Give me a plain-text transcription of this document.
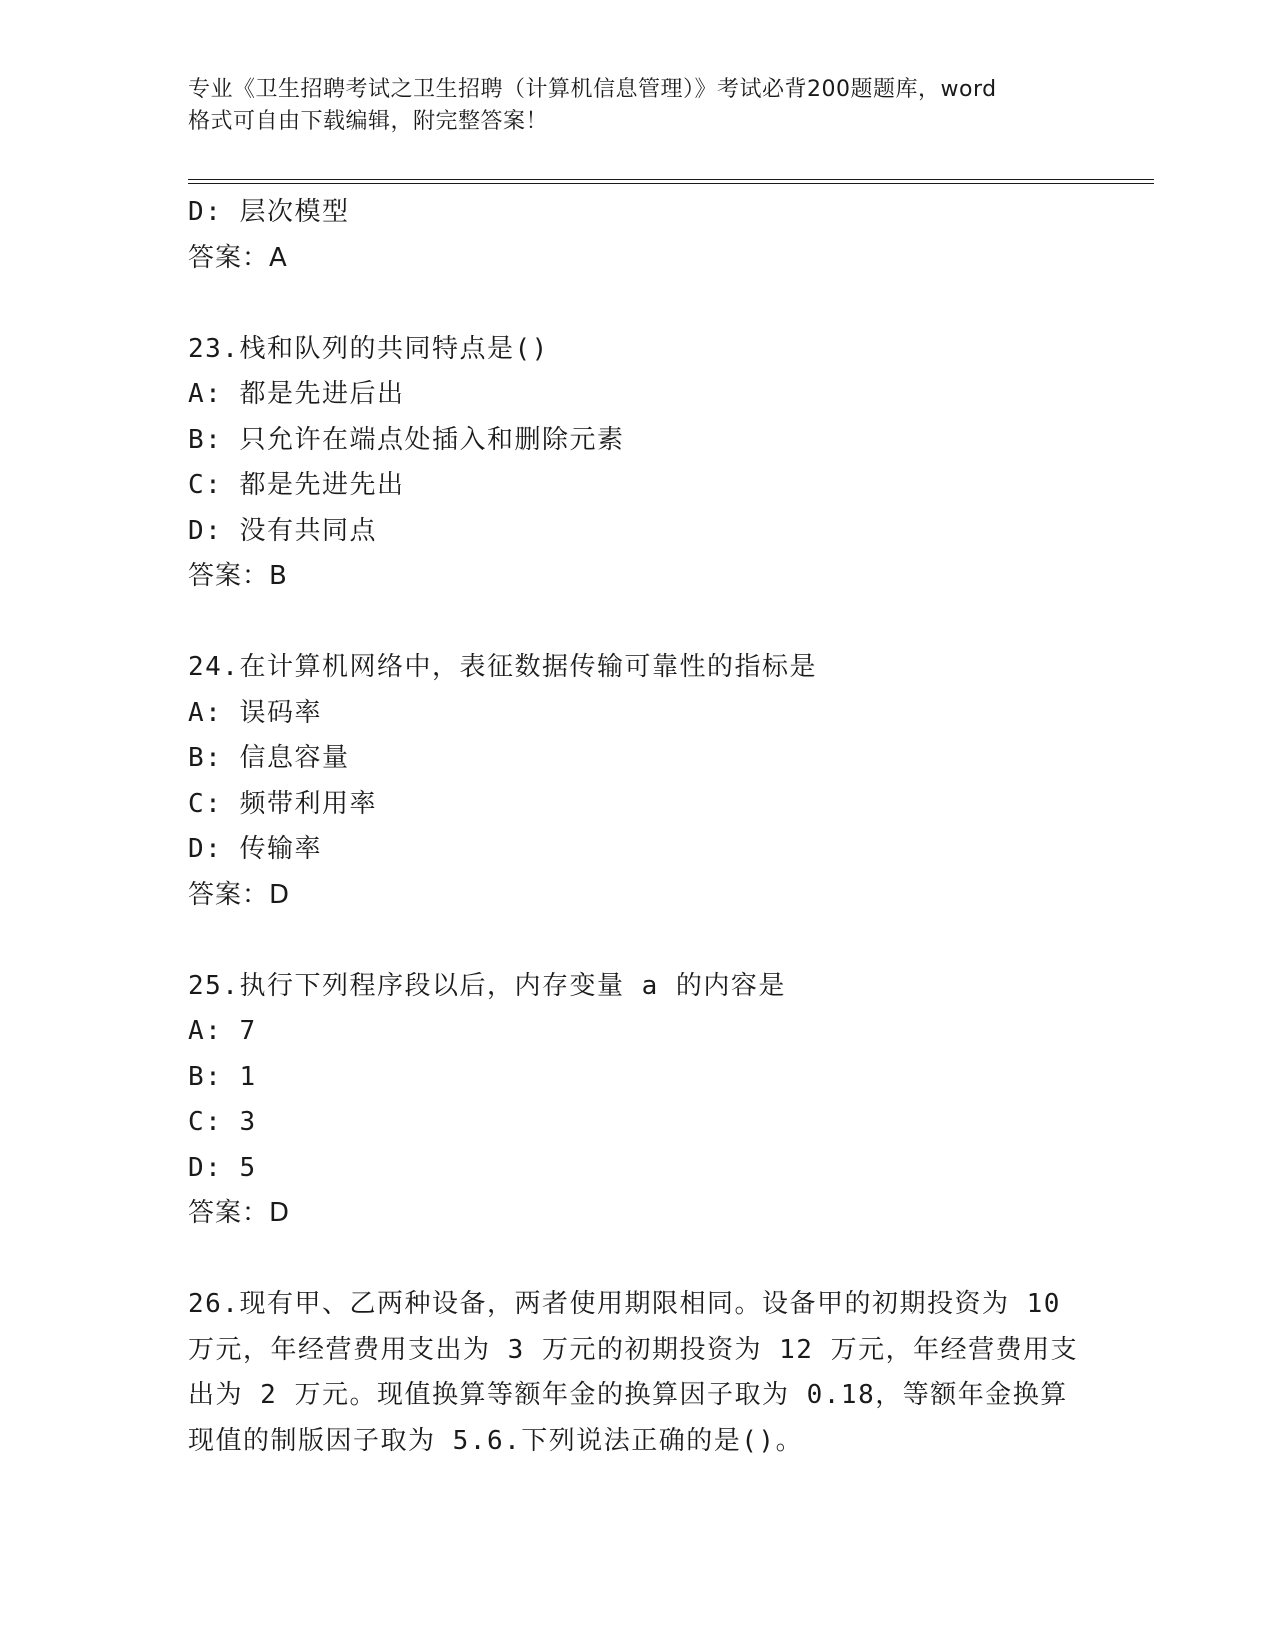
专业《卫生招聘考试之卫生招聘（计算机信息管理）》考试必背200题题库，word
格式可自由下载编辑，附完整答案！
D: 层次模型
答案：A
23.栈和队列的共同特点是()
A: 都是先进后出
B: 只允许在端点处插入和删除元素
C: 都是先进先出
D: 没有共同点
答案：B
24.在计算机网络中，表征数据传输可靠性的指标是
A: 误码率
B: 信息容量
C: 频带利用率
D: 传输率
答案：D
25.执行下列程序段以后，内存变量 a 的内容是
A: 7
B: 1
C: 3
D: 5
答案：D
26.现有甲、乙两种设备，两者使用期限相同。设备甲的初期投资为 10
万元，年经营费用支出为 3 万元的初期投资为 12 万元，年经营费用支
出为 2 万元。现值换算等额年金的换算因子取为 0.18，等额年金换算
现值的制版因子取为 5.6.下列说法正确的是()。
